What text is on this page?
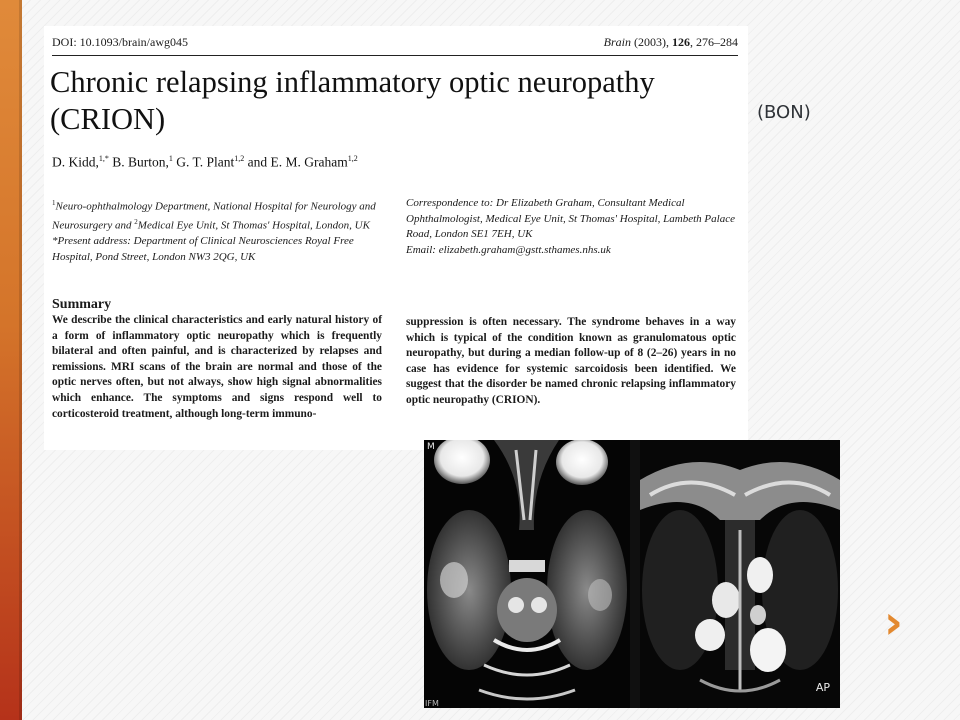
DOI: 10.1093/brain/awg045	Brain (2003), 126, 276–284
Chronic relapsing inflammatory optic neuropathy (CRION)
D. Kidd,$^{1,*}$ B. Burton,$^1$ G. T. Plant$^{1,2}$ and E. M. Graham$^{1,2}$
$^1$Neuro-ophthalmology Department, National Hospital for Neurology and Neurosurgery and $^2$Medical Eye Unit, St Thomas' Hospital, London, UK
*Present address: Department of Clinical Neurosciences Royal Free Hospital, Pond Street, London NW3 2QG, UK
Correspondence to: Dr Elizabeth Graham, Consultant Medical Ophthalmologist, Medical Eye Unit, St Thomas' Hospital, Lambeth Palace Road, London SE1 7EH, UK
Email: elizabeth.graham@gstt.sthames.nhs.uk
Summary

We describe the clinical characteristics and early natural history of a form of inflammatory optic neuropathy which is frequently bilateral and often painful, and is characterized by relapses and remissions. MRI scans of the brain are normal and those of the optic nerves often, but not always, show high signal abnormalities which enhance. The symptoms and signs respond well to corticosteroid treatment, although long-term immuno-

suppression is often necessary. The syndrome behaves in a way which is typical of the condition known as granulomatous optic neuropathy, but during a median follow-up of 8 (2–26) years in no case has evidence for systemic sarcoidosis been identified. We suggest that the disorder be named chronic relapsing inflammatory optic neuropathy (CRION).

(BON)
M
IFM
AP
›
